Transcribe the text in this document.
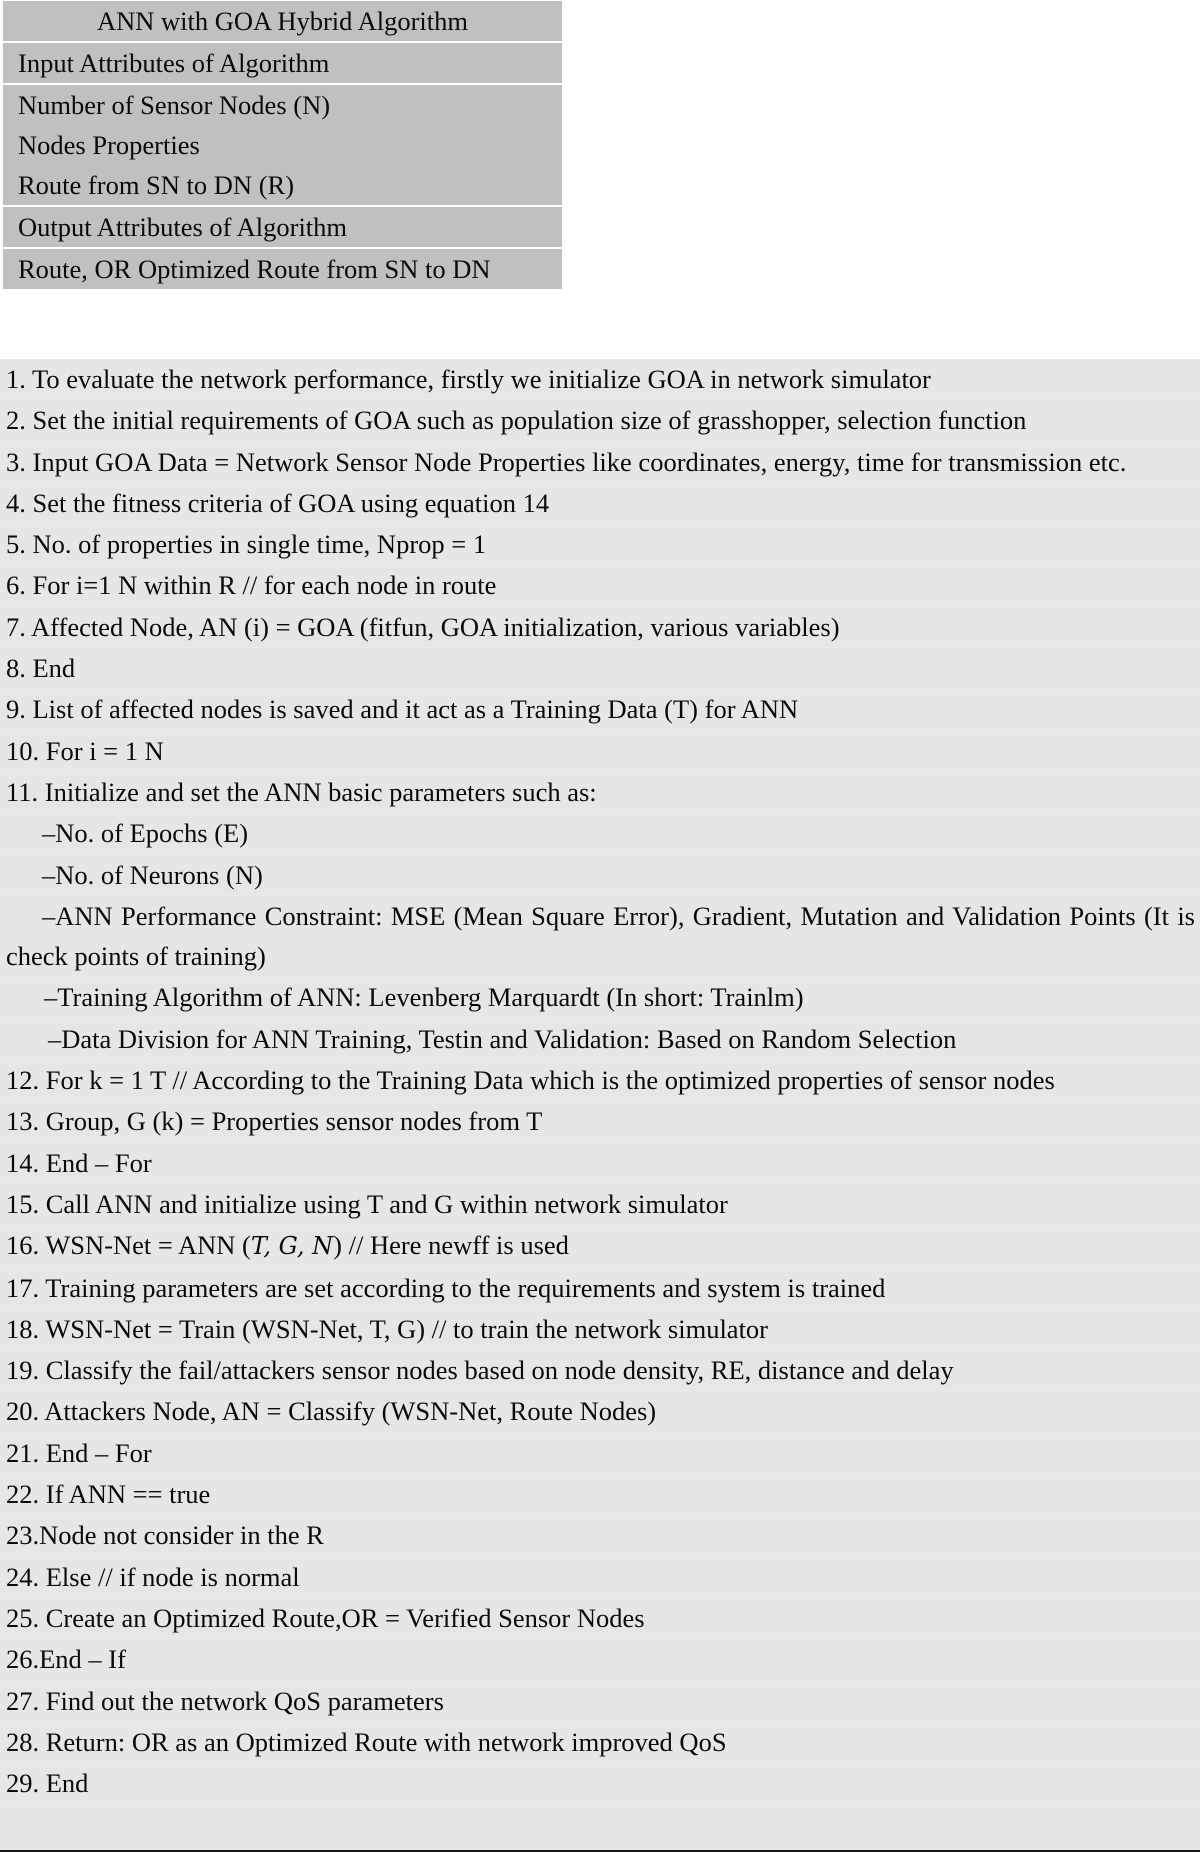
ANN with GOA Hybrid Algorithm
Input Attributes of Algorithm
Number of Sensor Nodes (N)
Nodes Properties
Route from SN to DN (R)
Output Attributes of Algorithm
Route, OR Optimized Route from SN to DN
1. To evaluate the network performance, firstly we initialize GOA in network simulator
2. Set the initial requirements of GOA such as population size of grasshopper, selection function
3. Input GOA Data = Network Sensor Node Properties like coordinates, energy, time for transmission etc.
4. Set the fitness criteria of GOA using equation 14
5. No. of properties in single time, Nprop = 1
6. For i=1 N within R // for each node in route
7. Affected Node, AN (i) = GOA (fitfun, GOA initialization, various variables)
8. End
9. List of affected nodes is saved and it act as a Training Data (T) for ANN
10. For i = 1 N
11. Initialize and set the ANN basic parameters such as:
–No. of Epochs (E)
–No. of Neurons (N)
–ANN Performance Constraint: MSE (Mean Square Error), Gradient, Mutation and Validation Points (It is check points of training)
–Training Algorithm of ANN: Levenberg Marquardt (In short: Trainlm)
–Data Division for ANN Training, Testin and Validation: Based on Random Selection
12. For k = 1 T // According to the Training Data which is the optimized properties of sensor nodes
13. Group, G (k) = Properties sensor nodes from T
14. End – For
15. Call ANN and initialize using T and G within network simulator
16. WSN-Net = ANN (T, G, N) // Here newff is used
17. Training parameters are set according to the requirements and system is trained
18. WSN-Net = Train (WSN-Net, T, G) // to train the network simulator
19. Classify the fail/attackers sensor nodes based on node density, RE, distance and delay
20. Attackers Node, AN = Classify (WSN-Net, Route Nodes)
21. End – For
22. If ANN == true
23.Node not consider in the R
24. Else // if node is normal
25. Create an Optimized Route,OR = Verified Sensor Nodes
26.End – If
27. Find out the network QoS parameters
28. Return: OR as an Optimized Route with network improved QoS
29. End
